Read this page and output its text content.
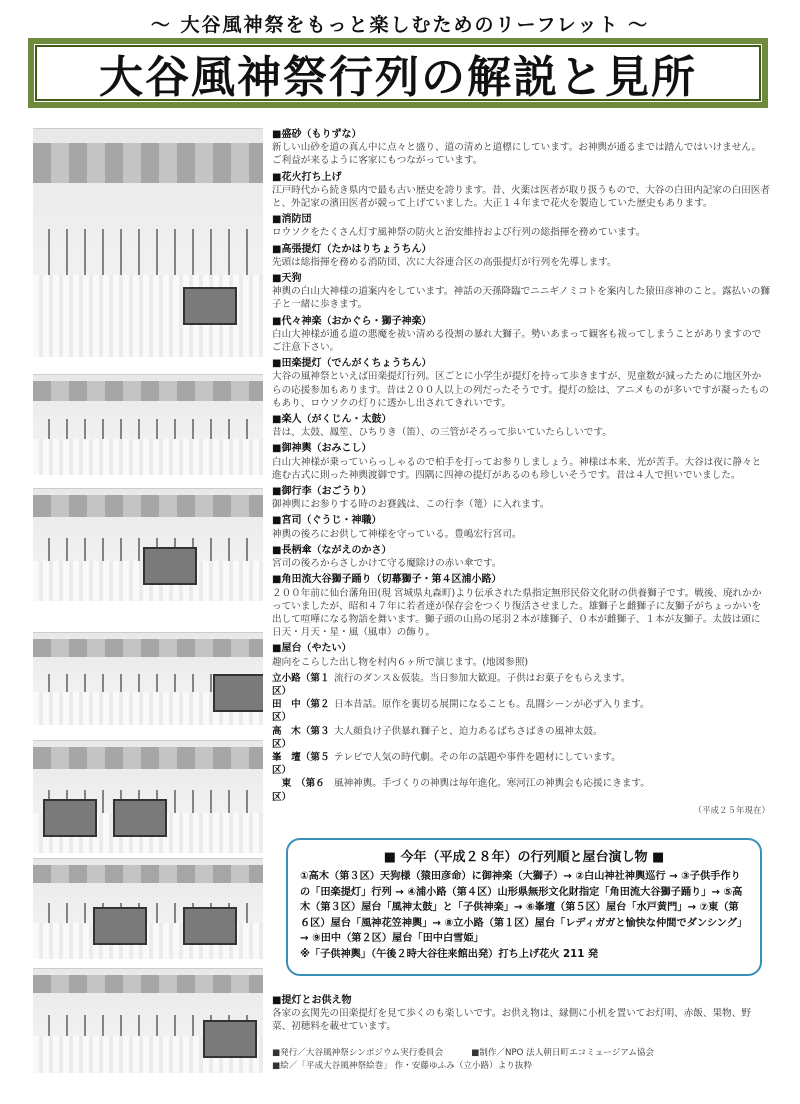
〜 大谷風神祭をもっと楽しむためのリーフレット 〜
大谷風神祭行列の解説と見所
■盛砂（もりずな）
新しい山砂を道の真ん中に点々と盛り、道の清めと道標にしています。お神輿が通るまでは踏んではいけません。ご利益が来るように客家にもつながっています。
■花火打ち上げ
江戸時代から続き県内で最も古い歴史を誇ります。昔、火薬は医者が取り扱うもので、大谷の白田内記家の白田医者と、外記家の濱田医者が競って上げていました。大正１４年まで花火を製造していた歴史もあります。
■消防団
ロウソクをたくさん灯す風神祭の防火と治安維持および行列の総指揮を務めています。
■高張提灯（たかはりちょうちん）
先頭は総指揮を務める消防団、次に大谷連合区の高張提灯が行列を先導します。
■天狗
神輿の白山大神様の道案内をしています。神話の天孫降臨でニニギノミコトを案内した猿田彦神のこと。露払いの獅子と一緒に歩きます。
■代々神楽（おかぐら・獅子神楽）
白山大神様が通る道の悪魔を祓い清める役割の暴れ大獅子。勢いあまって観客も祓ってしまうことがありますのでご注意下さい。
■田楽提灯（でんがくちょうちん）
大谷の風神祭といえば田楽提灯行列。区ごとに小学生が提灯を持って歩きますが、児童数が減ったために地区外からの応援参加もあります。昔は２００人以上の列だったそうです。提灯の絵は、アニメものが多いですが凝ったものもあり、ロウソクの灯りに透かし出されてきれいです。
■楽人（がくじん・太鼓）
昔は、太鼓、鳳笙、ひちりき（笛）、の三管がそろって歩いていたらしいです。
■御神輿（おみこし）
白山大神様が乗っていらっしゃるので柏手を打ってお参りしましょう。神様は本来、光が苦手。大谷は夜に静々と進む古式に則った神輿渡御です。四隅に四神の提灯があるのも珍しいそうです。昔は４人で担いでいました。
■御行李（おごうり）
御神輿にお参りする時のお賽銭は、この行李（篭）に入れます。
■宮司（ぐうじ・神職）
神輿の後ろにお供して神様を守っている。豊嶋宏行宮司。
■長柄傘（ながえのかさ）
宮司の後ろからさしかけて守る魔除けの赤い傘です。
■角田流大谷獅子踊り（切幕獅子・第４区浦小路）
２００年前に仙台藩角田(現 宮城県丸森町)より伝承された県指定無形民俗文化財の供養獅子です。戦後、廃れかかっていましたが、昭和４７年に若者達が保存会をつくり復活させました。雄獅子と雌獅子に友獅子がちょっかいを出して喧嘩になる物語を舞います。獅子頭の山鳥の尾羽２本が雄獅子、０本が雌獅子、１本が友獅子。太鼓は頭に日天・月天・星・風（風車）の飾り。
■屋台（やたい）
趣向をこらした出し物を村内６ヶ所で演じます。(地図参照)
立小路（第１区）
流行のダンス＆仮装。当日参加大歓迎。子供はお菓子をもらえます。
田　中（第２区）
日本昔話。原作を裏切る展開になることも。乱闘シーンが必ず入ります。
高　木（第３区）
大人顔負け子供暴れ獅子と、迫力あるばちさばきの風神太鼓。
峯　壇（第５区）
テレビで人気の時代劇。その年の話題や事件を題材にしています。
　東　（第６区）
風神神輿。手づくりの神輿は毎年進化。寒河江の神輿会も応援にきます。
（平成２５年現在）
■ 今年（平成２８年）の行列順と屋台演し物 ■
①高木（第３区）天狗様（猿田彦命）に御神楽（大獅子）→ ②白山神社神輿巡行 → ③子供手作りの「田楽提灯」行列 → ④浦小路（第４区）山形県無形文化財指定「角田流大谷獅子踊り」→ ⑤高木（第３区）屋台「風神太鼓」と「子供神楽」→ ⑥峯壇（第５区）屋台「水戸黄門」→ ⑦東（第６区）屋台「風神花笠神輿」→ ⑧立小路（第１区）屋台「レディガガと愉快な仲間でダンシング」→ ⑨田中（第２区）屋台「田中白雪姫」
※「子供神輿」（午後２時大谷往来館出発）打ち上げ花火 211 発
■提灯とお供え物
各家の玄関先の田楽提灯を見て歩くのも楽しいです。お供え物は、縁側に小机を置いてお灯明、赤飯、果物、野菜、初穂料を載せています。
■発行／大谷風神祭シンポジウム実行委員会	■制作／NPO 法人朝日町エコミュージアム協会
■絵／「平成大谷風神祭絵巻」 作・安藤ゆふみ（立小路）より抜粋
